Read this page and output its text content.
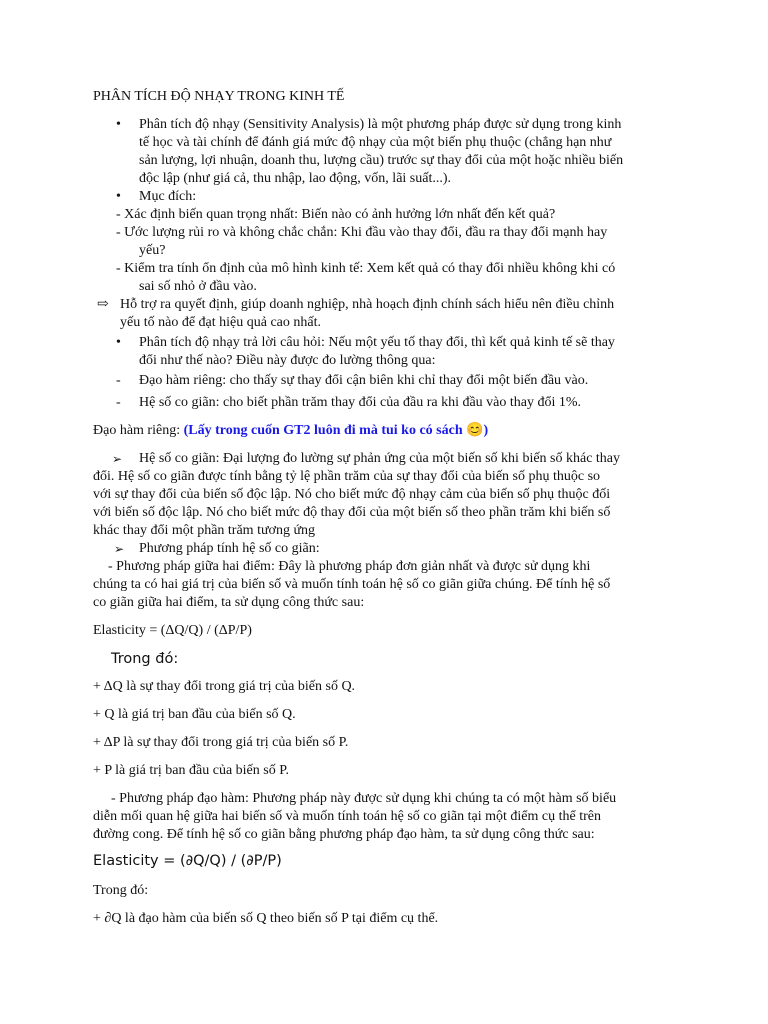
PHÂN TÍCH ĐỘ NHẠY TRONG KINH TẾ
• Phân tích độ nhạy (Sensitivity Analysis) là một phương pháp được sử dụng trong kinh
tế học và tài chính để đánh giá mức độ nhạy của một biến phụ thuộc (chẳng hạn như
sản lượng, lợi nhuận, doanh thu, lượng cầu) trước sự thay đổi của một hoặc nhiều biến
độc lập (như giá cả, thu nhập, lao động, vốn, lãi suất...).
• Mục đích:
- Xác định biến quan trọng nhất: Biến nào có ảnh hưởng lớn nhất đến kết quả?
- Ước lượng rủi ro và không chắc chắn: Khi đầu vào thay đổi, đầu ra thay đổi mạnh hay
yếu?
- Kiểm tra tính ổn định của mô hình kinh tế: Xem kết quả có thay đổi nhiều không khi có
sai số nhỏ ở đầu vào.
⇨ Hỗ trợ ra quyết định, giúp doanh nghiệp, nhà hoạch định chính sách hiểu nên điều chỉnh
yếu tố nào để đạt hiệu quả cao nhất.
• Phân tích độ nhạy trả lời câu hỏi: Nếu một yếu tố thay đổi, thì kết quả kinh tế sẽ thay
đổi như thế nào? Điều này được đo lường thông qua:
- Đạo hàm riêng: cho thấy sự thay đổi cận biên khi chỉ thay đổi một biến đầu vào.
- Hệ số co giãn: cho biết phần trăm thay đổi của đầu ra khi đầu vào thay đổi 1%.
Đạo hàm riêng: (Lấy trong cuốn GT2 luôn đi mà tui ko có sách 😊)
➢ Hệ số co giãn: Đại lượng đo lường sự phản ứng của một biến số khi biến số khác thay
đổi. Hệ số co giãn được tính bằng tỷ lệ phần trăm của sự thay đổi của biến số phụ thuộc so
với sự thay đổi của biến số độc lập. Nó cho biết mức độ nhạy cảm của biến số phụ thuộc đối
với biến số độc lập. Nó cho biết mức độ thay đổi của một biến số theo phần trăm khi biến số
khác thay đổi một phần trăm tương ứng
➢ Phương pháp tính hệ số co giãn:
- Phương pháp giữa hai điểm: Đây là phương pháp đơn giản nhất và được sử dụng khi
chúng ta có hai giá trị của biến số và muốn tính toán hệ số co giãn giữa chúng. Để tính hệ số
co giãn giữa hai điểm, ta sử dụng công thức sau:
Elasticity = (ΔQ/Q) / (ΔP/P)
Trong đó:
+ ΔQ là sự thay đổi trong giá trị của biến số Q.
+ Q là giá trị ban đầu của biến số Q.
+ ΔP là sự thay đổi trong giá trị của biến số P.
+ P là giá trị ban đầu của biến số P.
- Phương pháp đạo hàm: Phương pháp này được sử dụng khi chúng ta có một hàm số biểu
diễn mối quan hệ giữa hai biến số và muốn tính toán hệ số co giãn tại một điểm cụ thể trên
đường cong. Để tính hệ số co giãn bằng phương pháp đạo hàm, ta sử dụng công thức sau:
Elasticity = (∂Q/Q) / (∂P/P)
Trong đó:
+ ∂Q là đạo hàm của biến số Q theo biến số P tại điểm cụ thể.
